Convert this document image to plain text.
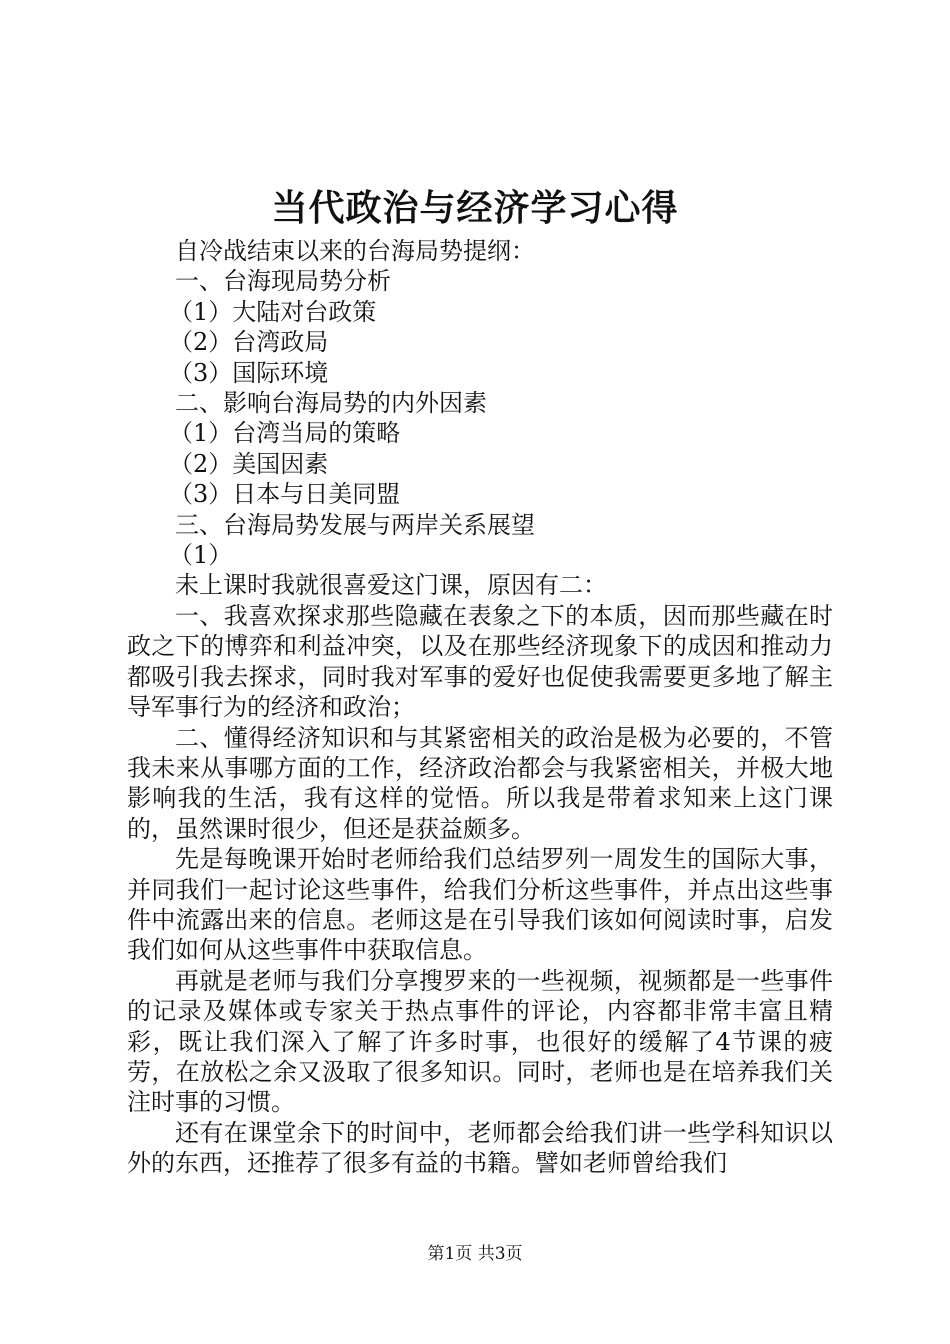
当代政治与经济学习心得

自冷战结束以来的台海局势提纲：

一、台海现局势分析

（1）大陆对台政策

（2）台湾政局

（3）国际环境

二、影响台海局势的内外因素

（1）台湾当局的策略

（2）美国因素

（3）日本与日美同盟

三、台海局势发展与两岸关系展望

（1）

未上课时我就很喜爱这门课，原因有二：

一、我喜欢探求那些隐藏在表象之下的本质，因而那些藏在时政之下的博弈和利益冲突，以及在那些经济现象下的成因和推动力都吸引我去探求，同时我对军事的爱好也促使我需要更多地了解主导军事行为的经济和政治；

二、懂得经济知识和与其紧密相关的政治是极为必要的，不管我未来从事哪方面的工作，经济政治都会与我紧密相关，并极大地影响我的生活，我有这样的觉悟。所以我是带着求知来上这门课的，虽然课时很少，但还是获益颇多。

先是每晚课开始时老师给我们总结罗列一周发生的国际大事，并同我们一起讨论这些事件，给我们分析这些事件，并点出这些事件中流露出来的信息。老师这是在引导我们该如何阅读时事，启发我们如何从这些事件中获取信息。

再就是老师与我们分享搜罗来的一些视频，视频都是一些事件的记录及媒体或专家关于热点事件的评论，内容都非常丰富且精彩，既让我们深入了解了许多时事，也很好的缓解了4节课的疲劳，在放松之余又汲取了很多知识。同时，老师也是在培养我们关注时事的习惯。

还有在课堂余下的时间中，老师都会给我们讲一些学科知识以外的东西，还推荐了很多有益的书籍。譬如老师曾给我们

第1页 共3页
